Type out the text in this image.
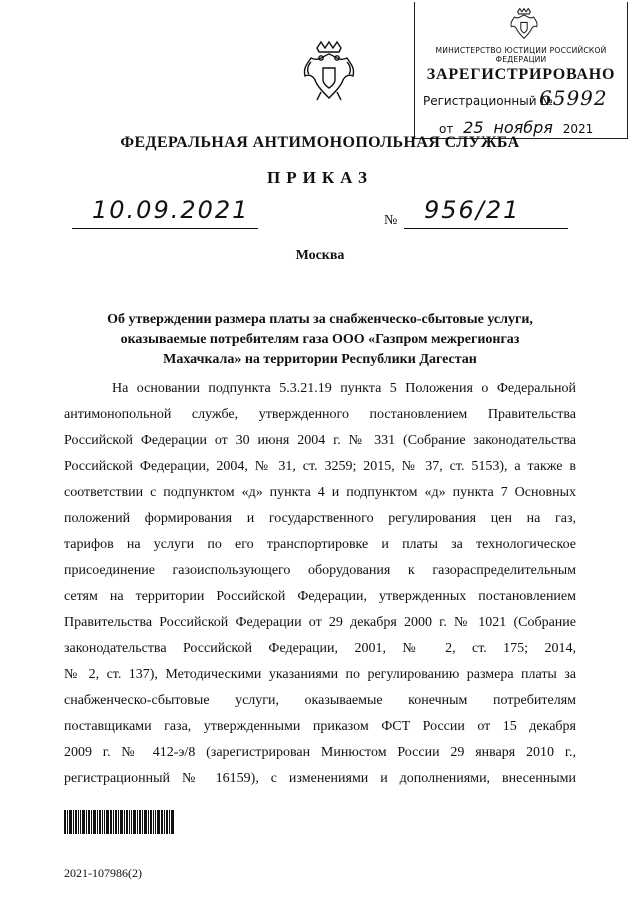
МИНИСТЕРСТВО ЮСТИЦИИ РОССИЙСКОЙ ФЕДЕРАЦИИ
ЗАРЕГИСТРИРОВАНО
Регистрационный №
65992
от 25 ноября 2021
ФЕДЕРАЛЬНАЯ АНТИМОНОПОЛЬНАЯ СЛУЖБА
ПРИКАЗ
10.09.2021	№ 956/21
Москва
Об утверждении размера платы за снабженческо-сбытовые услуги,
оказываемые потребителям газа ООО «Газпром межрегионгаз
Махачкала» на территории Республики Дагестан
На основании подпункта 5.3.21.19 пункта 5 Положения о Федеральной
антимонопольной службе, утвержденного постановлением Правительства
Российской Федерации от 30 июня 2004 г. № 331 (Собрание законодательства
Российской Федерации, 2004, № 31, ст. 3259; 2015, № 37, ст. 5153), а также в
соответствии с подпунктом «д» пункта 4 и подпунктом «д» пункта 7 Основных
положений формирования и государственного регулирования цен на газ,
тарифов на услуги по его транспортировке и платы за технологическое
присоединение газоиспользующего оборудования к газораспределительным
сетям на территории Российской Федерации, утвержденных постановлением
Правительства Российской Федерации от 29 декабря 2000 г. № 1021 (Собрание
законодательства Российской Федерации, 2001, № 2, ст. 175; 2014,
№ 2, ст. 137), Методическими указаниями по регулированию размера платы за
снабженческо-сбытовые услуги, оказываемые конечным потребителям
поставщиками газа, утвержденными приказом ФСТ России от 15 декабря
2009 г. № 412-э/8 (зарегистрирован Минюстом России 29 января 2010 г.,
регистрационный № 16159), с изменениями и дополнениями, внесенными
2021-107986(2)
